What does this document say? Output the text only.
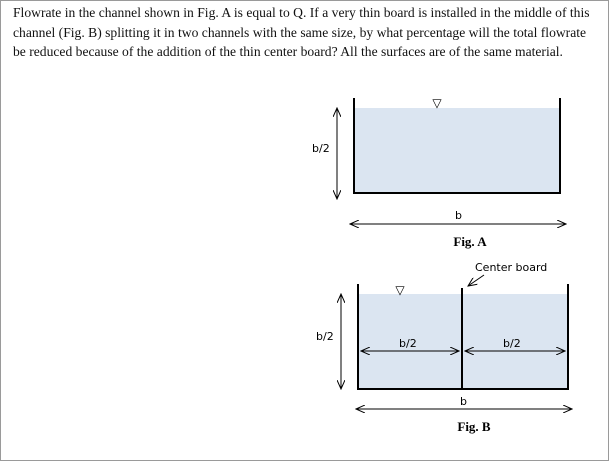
Flowrate in the channel shown in Fig. A is equal to Q. If a very thin board is installed in the middle of this channel (Fig. B) splitting it in two channels with the same size, by what percentage will the total flowrate be reduced because of the addition of the thin center board? All the surfaces are of the same material.
▽
b/2
b
Fig. A
▽
Center board
b/2
b/2	b/2
b
Fig. B
